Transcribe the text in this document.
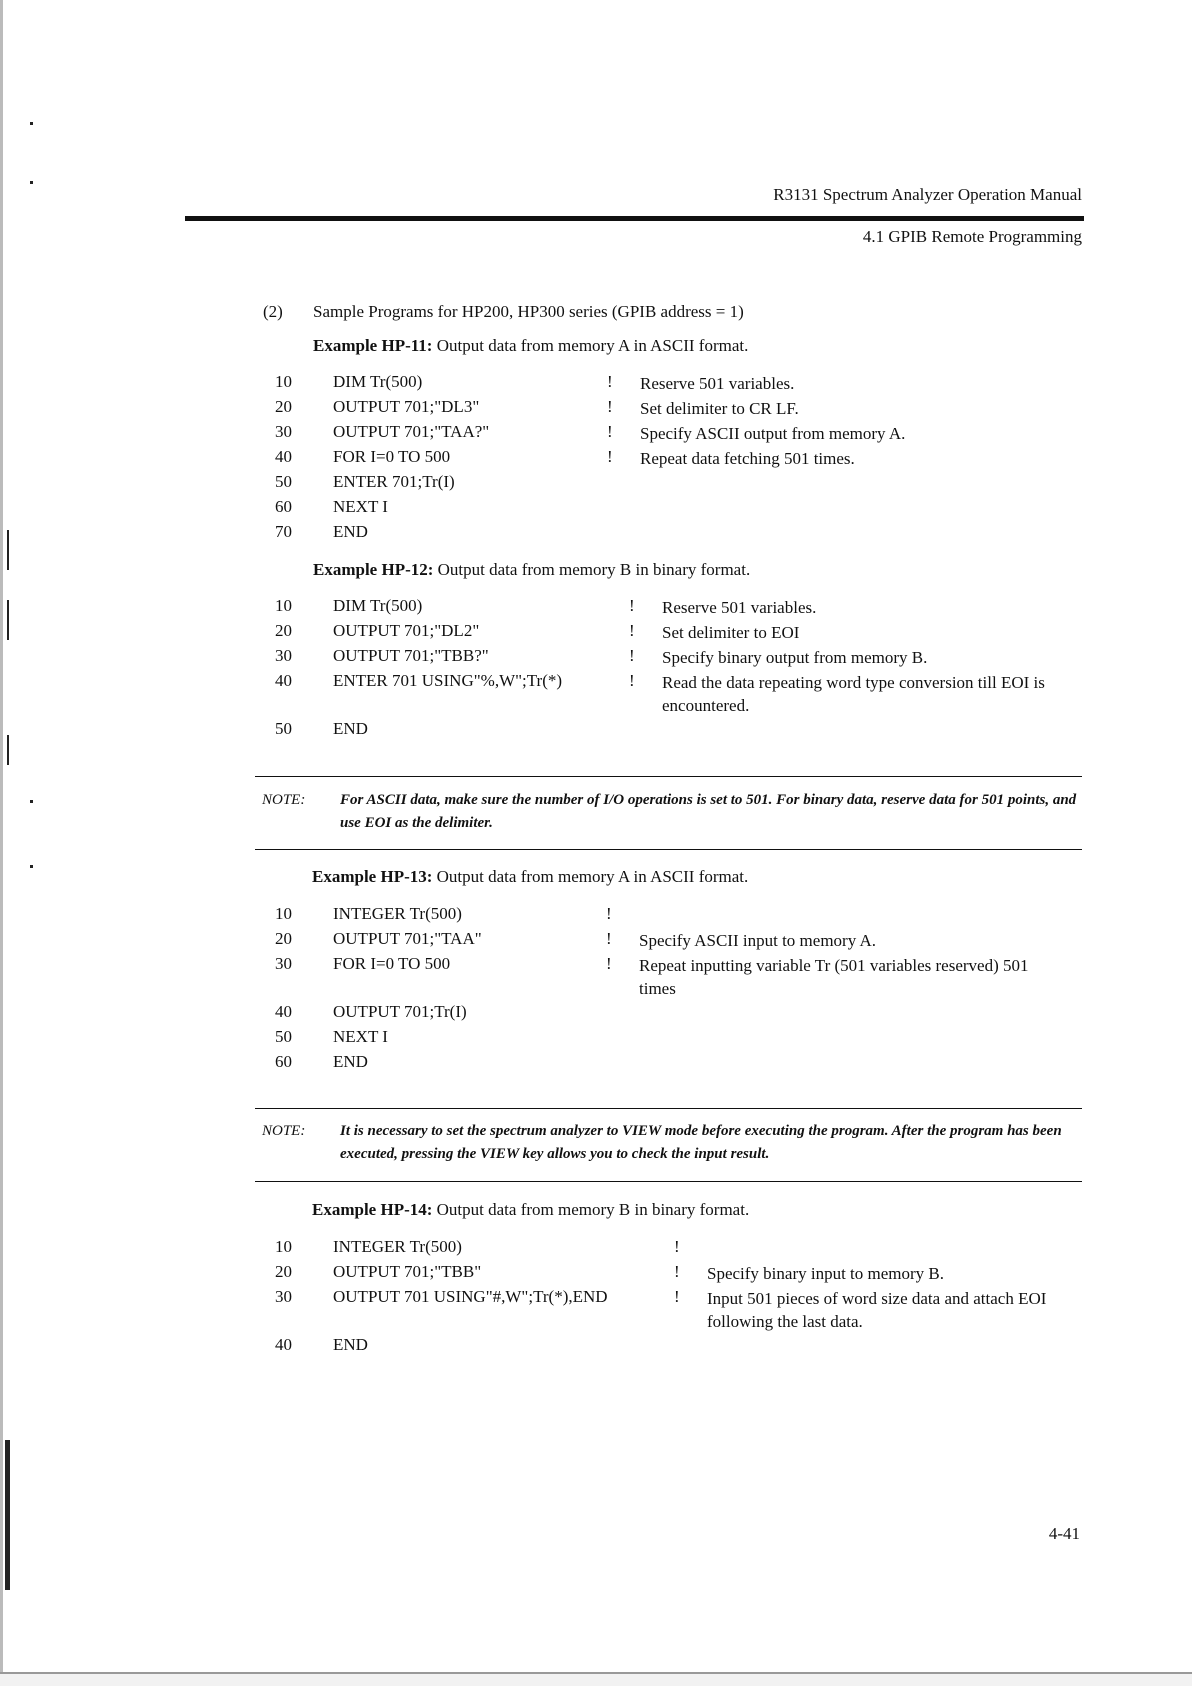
R3131 Spectrum Analyzer Operation Manual
4.1 GPIB Remote Programming
(2) Sample Programs for HP200, HP300 series (GPIB address = 1)
Example HP-11: Output data from memory A in ASCII format.
10	DIM Tr(500)	! Reserve 501 variables.
20	OUTPUT 701;"DL3"	! Set delimiter to CR LF.
30	OUTPUT 701;"TAA?"	! Specify ASCII output from memory A.
40	FOR I=0 TO 500	! Repeat data fetching 501 times.
50	ENTER 701;Tr(I)
60	NEXT I
70	END
Example HP-12: Output data from memory B in binary format.
10	DIM Tr(500)	! Reserve 501 variables.
20	OUTPUT 701;"DL2"	! Set delimiter to EOI
30	OUTPUT 701;"TBB?"	! Specify binary output from memory B.
40	ENTER 701 USING"%,W";Tr(*)	! Read the data repeating word type conversion till EOI is encountered.
50	END
NOTE: For ASCII data, make sure the number of I/O operations is set to 501. For binary data, reserve data for 501 points, and use EOI as the delimiter.
Example HP-13: Output data from memory A in ASCII format.
10	INTEGER Tr(500)	!
20	OUTPUT 701;"TAA"	! Specify ASCII input to memory A.
30	FOR I=0 TO 500	! Repeat inputting variable Tr (501 variables reserved) 501 times
40	OUTPUT 701;Tr(I)
50	NEXT I
60	END
NOTE: It is necessary to set the spectrum analyzer to VIEW mode before executing the program. After the program has been executed, pressing the VIEW key allows you to check the input result.
Example HP-14: Output data from memory B in binary format.
10	INTEGER Tr(500)	!
20	OUTPUT 701;"TBB"	! Specify binary input to memory B.
30	OUTPUT 701 USING"#,W";Tr(*),END	! Input 501 pieces of word size data and attach EOI following the last data.
40	END
4-41
